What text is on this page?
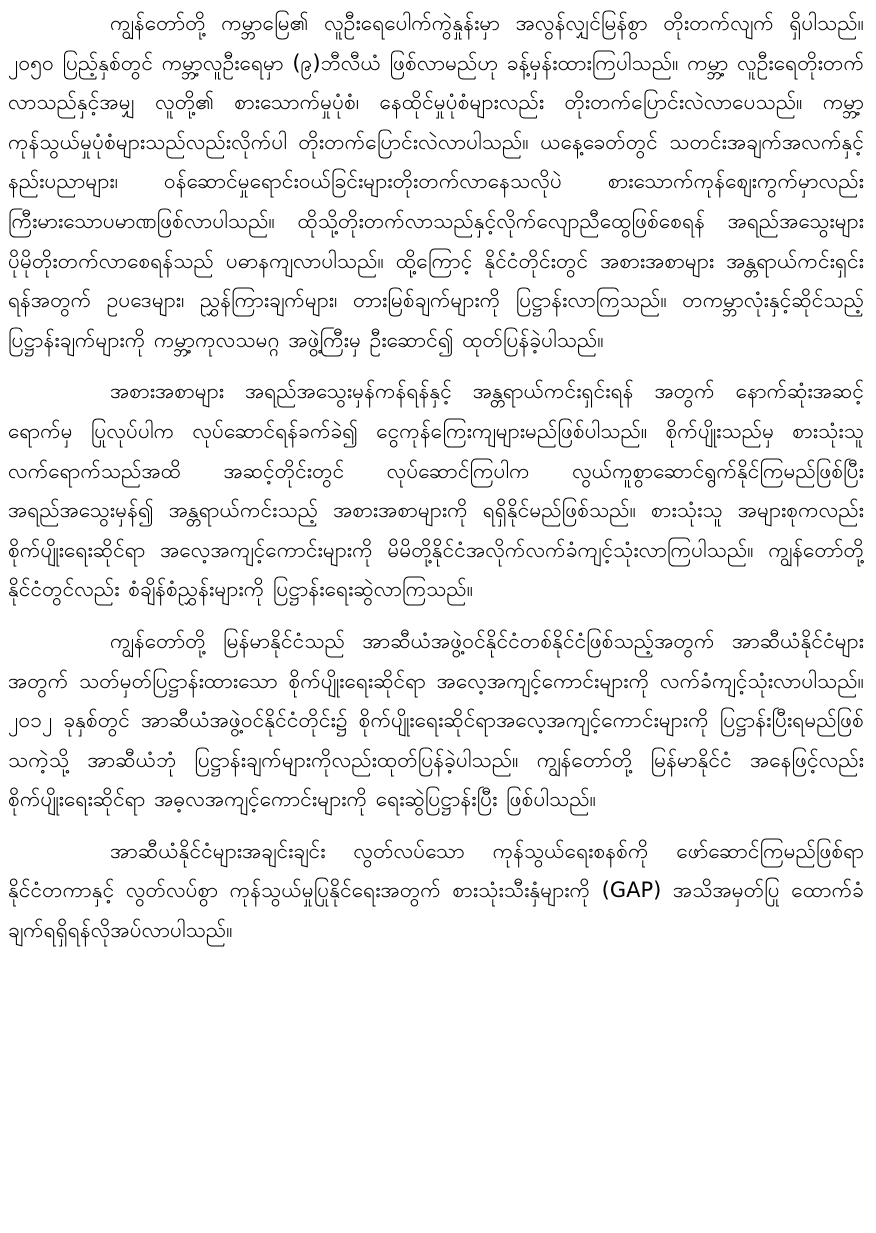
ကျွန်တော်တို့ ကမ္ဘာမြေ၏ လူဦးရေပေါက်ကွဲနှုန်းမှာ အလွန်လျှင်မြန်စွာ တိုးတက်လျက် ရှိပါသည်။ ၂၀၅၀ ပြည့်နှစ်တွင် ကမ္ဘာ့လူဦးရေမှာ (၉)ဘီလီယံ ဖြစ်လာမည်ဟု ခန့်မှန်းထားကြပါသည်။ ကမ္ဘာ့ လူဦးရေတိုးတက်လာသည်နှင့်အမျှ လူတို့၏ စားသောက်မှုပုံစံ၊ နေထိုင်မှုပုံစံများလည်း တိုးတက်ပြောင်းလဲလာပေသည်။ ကမ္ဘာ့ကုန်သွယ်မှုပုံစံများသည်လည်းလိုက်ပါ တိုးတက်ပြောင်းလဲလာပါသည်။ ယနေ့ခေတ်တွင် သတင်းအချက်အလက်နှင့် နည်းပညာများ၊ ဝန်ဆောင်မှုရောင်းဝယ်ခြင်းများတိုးတက်လာနေသလိုပဲ စားသောက်ကုန်စျေးကွက်မှာလည်း ကြီးမားသောပမာဏဖြစ်လာပါသည်။ ထိုသို့တိုးတက်လာသည်နှင့်လိုက်လျောညီထွေဖြစ်စေရန် အရည်အသွေးများ ပိုမိုတိုးတက်လာစေရန်သည် ပဓာနကျလာပါသည်။ ထို့ကြောင့် နိုင်ငံတိုင်းတွင် အစားအစာများ အန္တရာယ်ကင်းရှင်းရန်အတွက် ဥပဒေများ၊ ညွှန်ကြားချက်များ၊ တားမြစ်ချက်များကို ပြဋ္ဌာန်းလာကြသည်။ တကမ္ဘာလုံးနှင့်ဆိုင်သည့် ပြဋ္ဌာန်းချက်များကို ကမ္ဘာ့ကုလသမဂ္ဂ အဖွဲ့ကြီးမှ ဦးဆောင်၍ ထုတ်ပြန်ခဲ့ပါသည်။

အစားအစာများ အရည်အသွေးမှန်ကန်ရန်နှင့် အန္တရာယ်ကင်းရှင်းရန် အတွက် နောက်ဆုံးအဆင့်ရောက်မှ ပြုလုပ်ပါက လုပ်ဆောင်ရန်ခက်ခဲ၍ ငွေကုန်ကြေးကျများမည်ဖြစ်ပါသည်။ စိုက်ပျိုးသည်မှ စားသုံးသူလက်ရောက်သည်အထိ အဆင့်တိုင်းတွင် လုပ်ဆောင်ကြပါက လွယ်ကူစွာဆောင်ရွက်နိုင်ကြမည်ဖြစ်ပြီး အရည်အသွေးမှန်၍ အန္တရာယ်ကင်းသည့် အစားအစာများကို ရရှိနိုင်မည်ဖြစ်သည်။ စားသုံးသူ အများစုကလည်း စိုက်ပျိုးရေးဆိုင်ရာ အလေ့အကျင့်ကောင်းများကို မိမိတို့နိုင်ငံအလိုက်လက်ခံကျင့်သုံးလာကြပါသည်။ ကျွန်တော်တို့ နိုင်ငံတွင်လည်း စံချိန်စံညွှန်းများကို ပြဋ္ဌာန်းရေးဆွဲလာကြသည်။

ကျွန်တော်တို့ မြန်မာနိုင်ငံသည် အာဆီယံအဖွဲ့ဝင်နိုင်ငံတစ်နိုင်ငံဖြစ်သည့်အတွက် အာဆီယံနိုင်ငံများအတွက် သတ်မှတ်ပြဋ္ဌာန်းထားသော စိုက်ပျိုးရေးဆိုင်ရာ အလေ့အကျင့်ကောင်းများကို လက်ခံကျင့်သုံးလာပါသည်။ ၂၀၁၂ ခုနှစ်တွင် အာဆီယံအဖွဲ့ဝင်နိုင်ငံတိုင်း၌ စိုက်ပျိုးရေးဆိုင်ရာအလေ့အကျင့်ကောင်းများကို ပြဋ္ဌာန်းပြီးရမည်ဖြစ်သကဲ့သို့ အာဆီယံဘုံ ပြဋ္ဌာန်းချက်များကိုလည်းထုတ်ပြန်ခဲ့ပါသည်။ ကျွန်တော်တို့ မြန်မာနိုင်ငံ အနေဖြင့်လည်း စိုက်ပျိုးရေးဆိုင်ရာ အဓ့လအကျင့်ကောင်းများကို ရေးဆွဲပြဋ္ဌာန်းပြီး ဖြစ်ပါသည်။

အာဆီယံနိုင်ငံများအချင်းချင်း လွတ်လပ်သော ကုန်သွယ်ရေးစနစ်ကို ဖော်ဆောင်ကြမည်ဖြစ်ရာ နိုင်ငံတကာနှင့် လွတ်လပ်စွာ ကုန်သွယ်မှုပြုနိုင်ရေးအတွက် စားသုံးသီးနှံများကို (GAP) အသိအမှတ်ပြု ထောက်ခံချက်ရရှိရန်လိုအပ်လာပါသည်။
